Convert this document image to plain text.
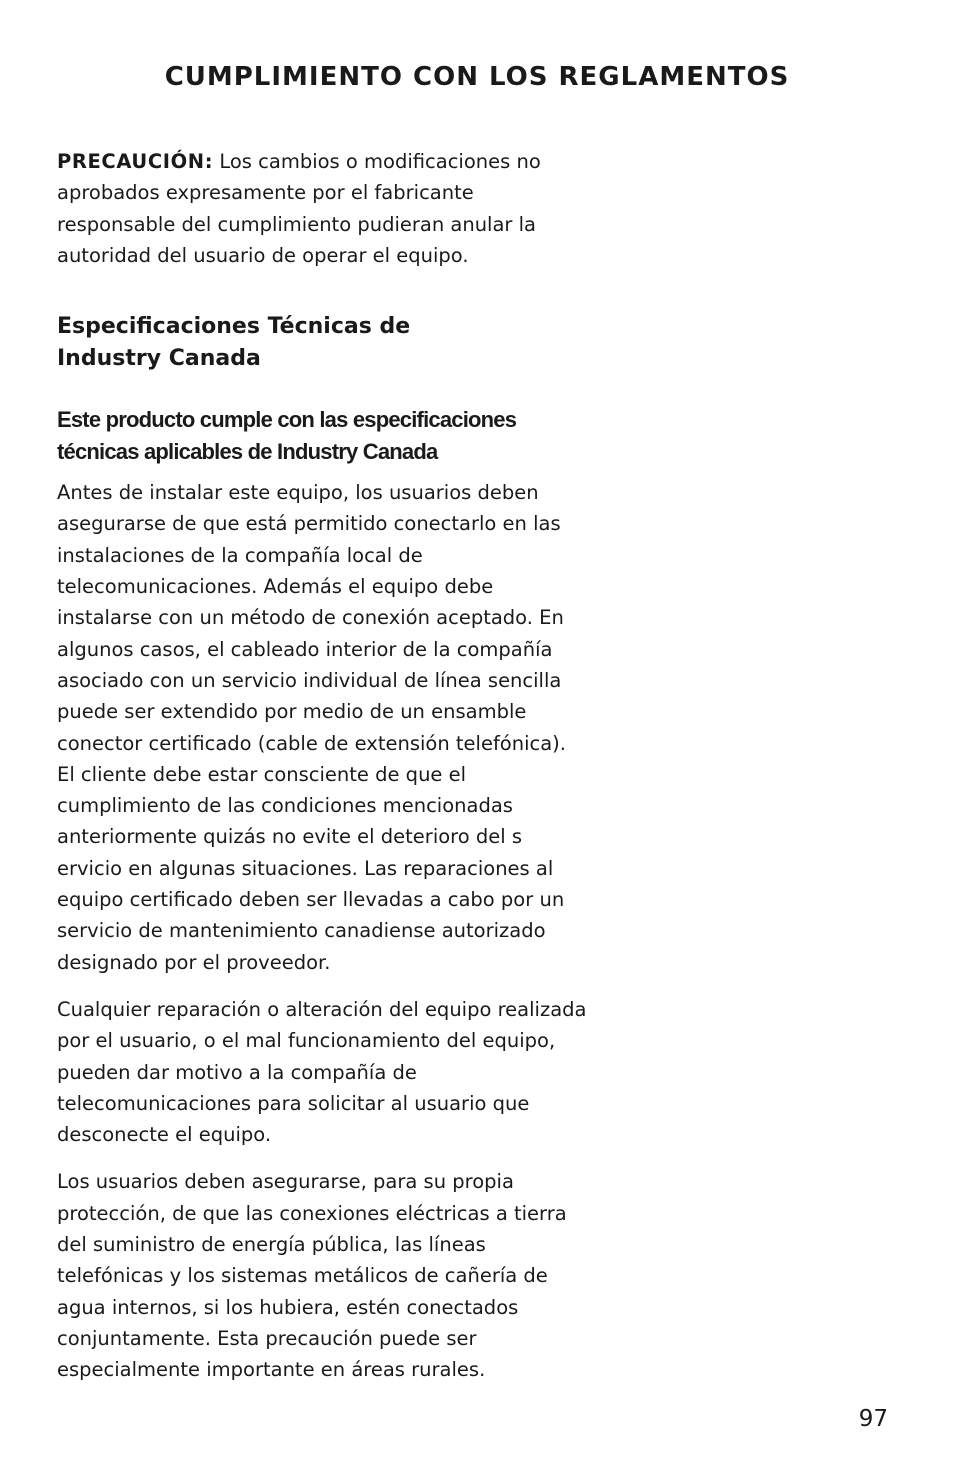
CUMPLIMIENTO CON LOS REGLAMENTOS

PRECAUCIÓN: Los cambios o modificaciones no aprobados expresamente por el fabricante responsable del cumplimiento pudieran anular la autoridad del usuario de operar el equipo.

Especificaciones Técnicas de
Industry Canada
Este producto cumple con las especificaciones
técnicas aplicables de Industry Canada

Antes de instalar este equipo, los usuarios deben asegurarse de que está permitido conectarlo en las instalaciones de la compañía local de telecomunicaciones. Además el equipo debe instalarse con un método de conexión aceptado. En algunos casos, el cableado interior de la compañía asociado con un servicio individual de línea sencilla puede ser extendido por medio de un ensamble conector certificado (cable de extensión telefónica). El cliente debe estar consciente de que el cumplimiento de las condiciones mencionadas anteriormente quizás no evite el deterioro del s ervicio en algunas situaciones. Las reparaciones al equipo certificado deben ser llevadas a cabo por un servicio de mantenimiento canadiense autorizado designado por el proveedor.

Cualquier reparación o alteración del equipo realizada por el usuario, o el mal funcionamiento del equipo, pueden dar motivo a la compañía de telecomunicaciones para solicitar al usuario que desconecte el equipo.

Los usuarios deben asegurarse, para su propia protección, de que las conexiones eléctricas a tierra del suministro de energía pública, las líneas telefónicas y los sistemas metálicos de cañería de agua internos, si los hubiera, estén conectados conjuntamente. Esta precaución puede ser especialmente importante en áreas rurales.

97
